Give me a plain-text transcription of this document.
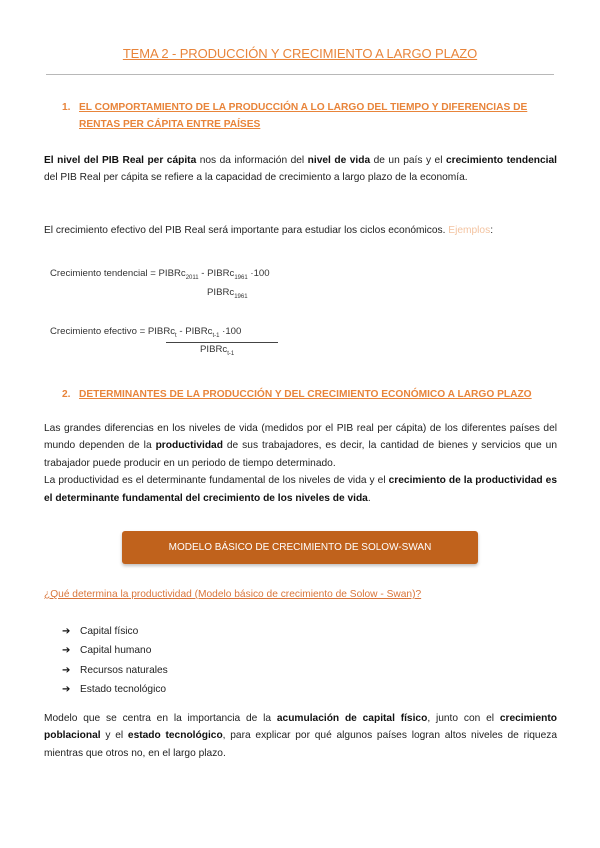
TEMA 2 - PRODUCCIÓN Y CRECIMIENTO A LARGO PLAZO
1. EL COMPORTAMIENTO DE LA PRODUCCIÓN A LO LARGO DEL TIEMPO Y DIFERENCIAS DE
RENTAS PER CÁPITA ENTRE PAÍSES
El nivel del PIB Real per cápita nos da información del nivel de vida de un país y el crecimiento tendencial del PIB Real per cápita se refiere a la capacidad de crecimiento a largo plazo de la economía.
El crecimiento efectivo del PIB Real será importante para estudiar los ciclos económicos. Ejemplos:
Crecimiento tendencial = PIBRc$_{2011}$ - PIBRc$_{1961}$ ·100
PIBRc$_{1961}$
Crecimiento efectivo = PIBRc$_t$ - PIBRc$_{t-1}$ ·100
PIBRc$_{t-1}$
2. DETERMINANTES DE LA PRODUCCIÓN Y DEL CRECIMIENTO ECONÓMICO A LARGO PLAZO
Las grandes diferencias en los niveles de vida (medidos por el PIB real per cápita) de los diferentes países del mundo dependen de la productividad de sus trabajadores, es decir, la cantidad de bienes y servicios que un trabajador puede producir en un periodo de tiempo determinado.
La productividad es el determinante fundamental de los niveles de vida y el crecimiento de la productividad es el determinante fundamental del crecimiento de los niveles de vida.
MODELO BÁSICO DE CRECIMIENTO DE SOLOW-SWAN
¿Qué determina la productividad (Modelo básico de crecimiento de Solow - Swan)?
➔ Capital físico
➔ Capital humano
➔ Recursos naturales
➔ Estado tecnológico
Modelo que se centra en la importancia de la acumulación de capital físico, junto con el crecimiento poblacional y el estado tecnológico, para explicar por qué algunos países logran altos niveles de riqueza mientras que otros no, en el largo plazo.
